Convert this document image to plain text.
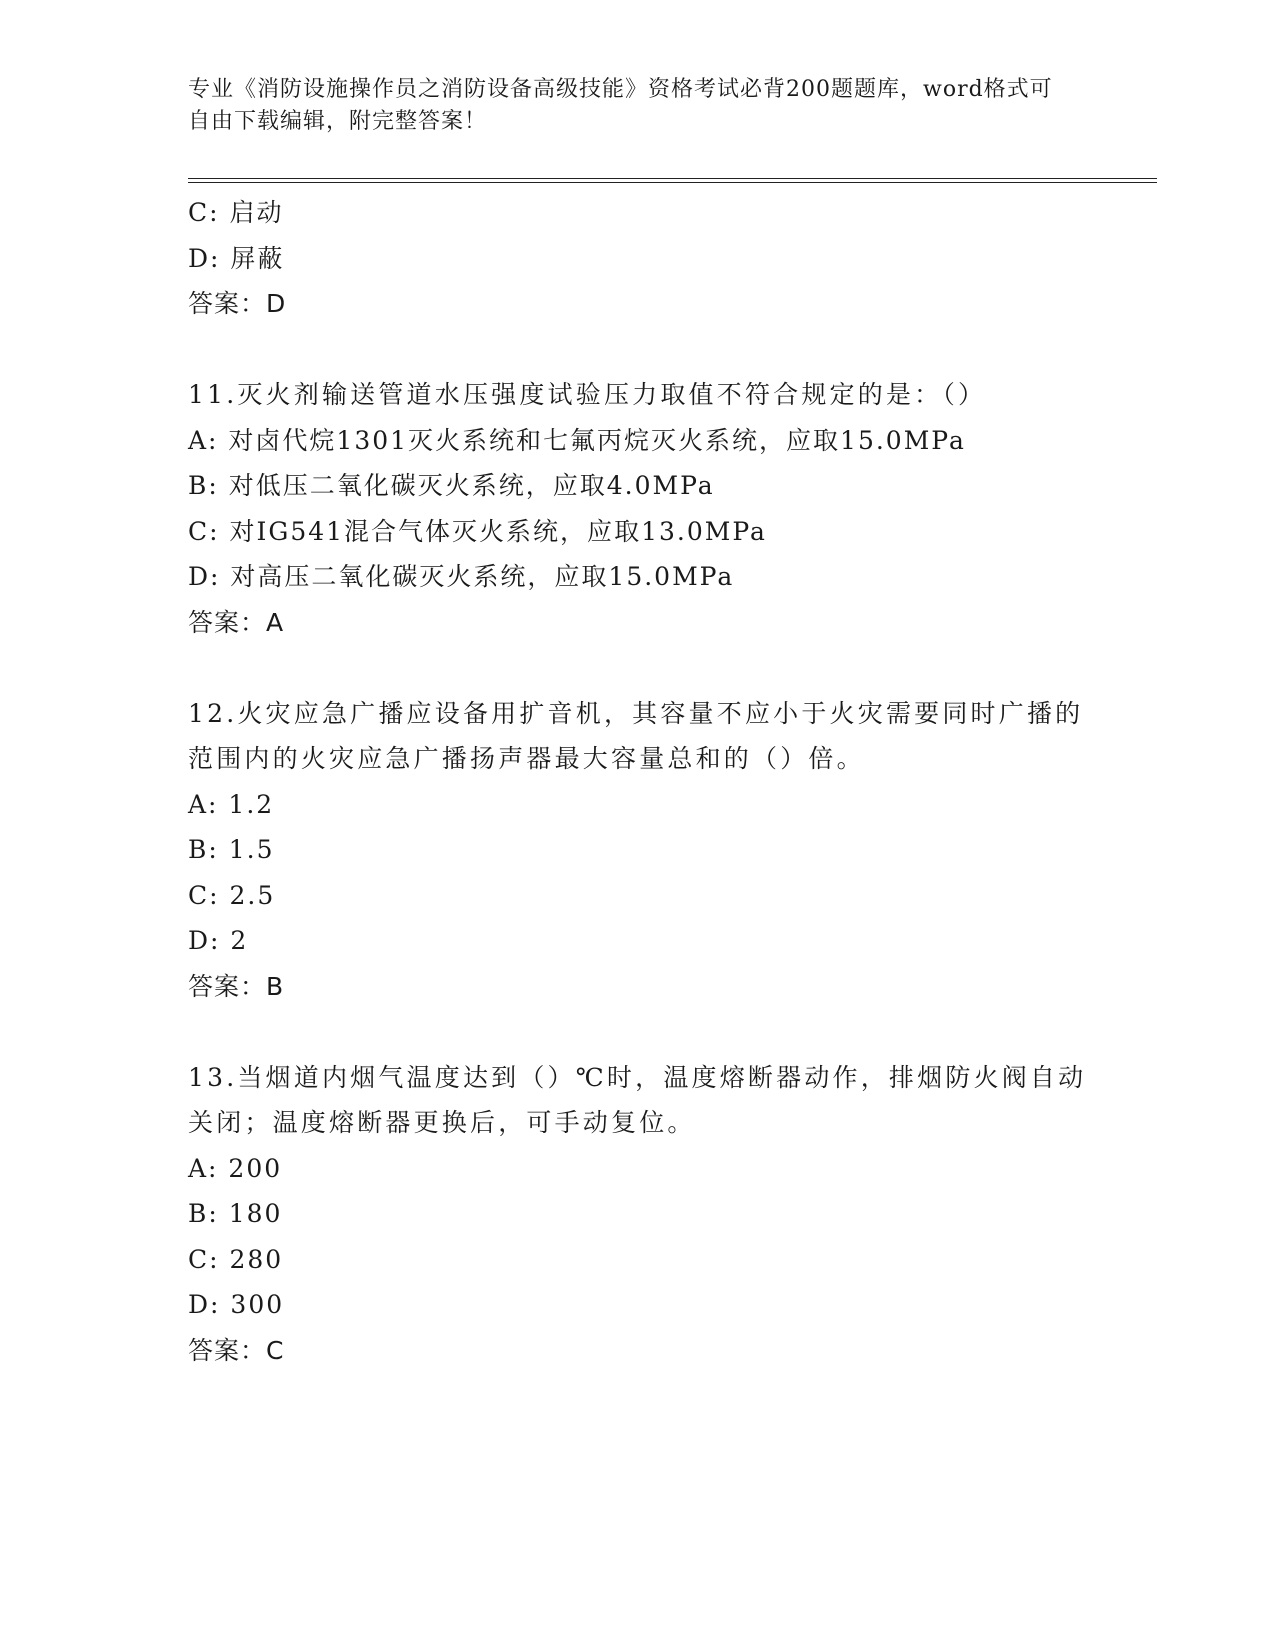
专业《消防设施操作员之消防设备高级技能》资格考试必背200题题库，word格式可自由下载编辑，附完整答案！
C: 启动
D: 屏蔽
答案：D
11.灭火剂输送管道水压强度试验压力取值不符合规定的是：（）
A: 对卤代烷1301灭火系统和七氟丙烷灭火系统，应取15.0MPa
B: 对低压二氧化碳灭火系统，应取4.0MPa
C: 对IG541混合气体灭火系统，应取13.0MPa
D: 对高压二氧化碳灭火系统，应取15.0MPa
答案：A
12.火灾应急广播应设备用扩音机，其容量不应小于火灾需要同时广播的范围内的火灾应急广播扬声器最大容量总和的（）倍。
A: 1.2
B: 1.5
C: 2.5
D: 2
答案：B
13.当烟道内烟气温度达到（）℃时，温度熔断器动作，排烟防火阀自动关闭；温度熔断器更换后，可手动复位。
A: 200
B: 180
C: 280
D: 300
答案：C
